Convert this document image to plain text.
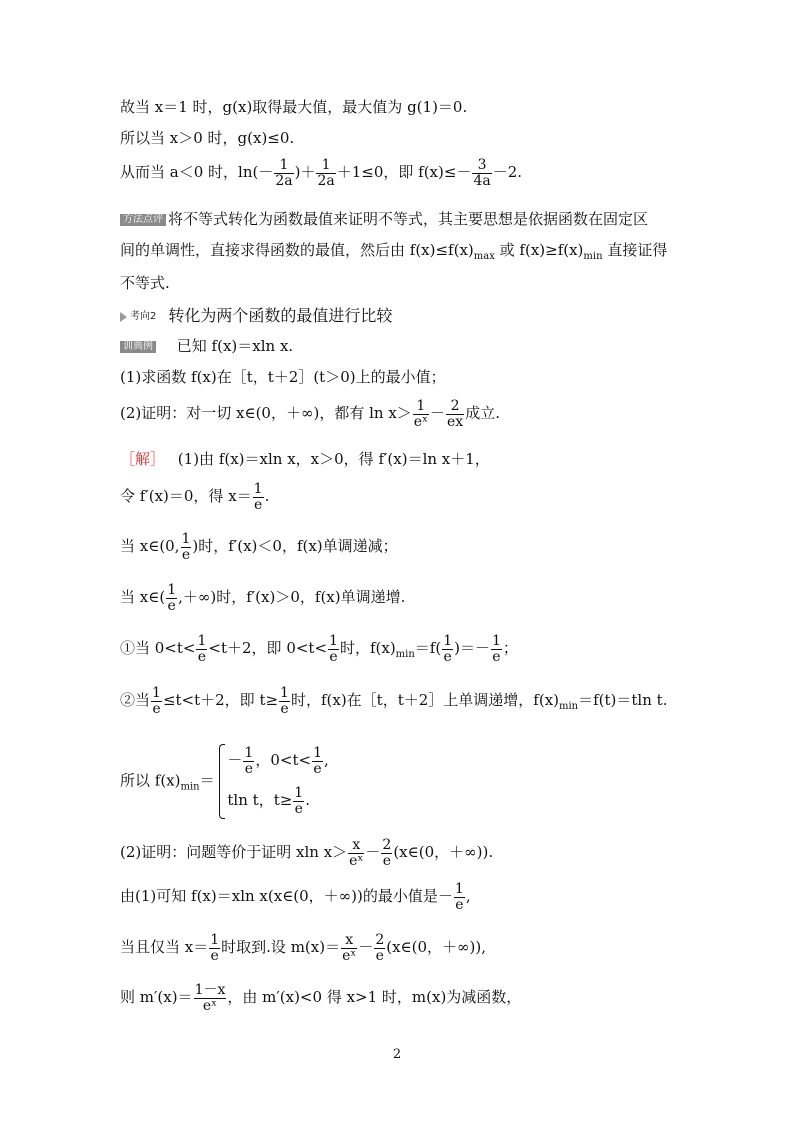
故当 x＝1 时，g(x)取得最大值，最大值为 g(1)＝0.
所以当 x＞0 时，g(x)≤0.
从而当 a＜0 时，$\ln(- \frac{1}{2a}$ )＋ $\frac{1}{2a} +1\le 0$，即 $f(x)\le- \frac{3}{4a} -2$.
方法点评 将不等式转化为函数最值来证明不等式，其主要思想是依据函数在固定区
间的单调性，直接求得函数的最值，然后由 $f(x)\le f(x)_{max}$ 或 $f(x)\ge f(x)_{min}$ 直接证得
不等式.
考向2 转化为两个函数的最值进行比较
训典例 已知 f(x)＝xln x.
(1)求函数 f(x)在［t，t＋2］(t＞0)上的最小值；
(2)证明：对一切 x∈(0，＋∞)，都有 $\ln x> \frac{1}{\text{eˣ}} - \frac{2}{ex}$ 成立.
［解］ (1)由 f(x)＝xln x，x＞0，得 f′(x)＝ln x＋1，
令 f′(x)＝0，得 $x= \frac{1}{e}$ .
当 x∈(0, $\frac{1}{e}$ )时，f′(x)＜0，f(x)单调递减；
当 x∈( $\frac{1}{e}$ ,＋∞)时，f′(x)＞0，f(x)单调递增.
①当 $0<t< \frac{1}{e} <t+2$，即 $0<t< \frac{1}{e}$ 时，$f(x)_{min}=f( \frac{1}{e}$ )＝－ $\frac{1}{e}$ ；
②当 $\frac{1}{e} \le t<t+2$，即 $t\ge \frac{1}{e}$ 时，f(x)在［t，t＋2］上单调递增，$f(x)_{min}=f(t)=tln$ t.
所以 $f(x)_{min}=$
－ $\frac{1}{e}$ ，$0<t< \frac{1}{e}$ ,
tln t，$t\ge \frac{1}{e}$ .
(2)证明：问题等价于证明 xln $x> \frac{x}{\text{eˣ}} - \frac{2}{e}$ (x∈(0，＋∞)).
由(1)可知 f(x)＝xln x(x∈(0，＋∞))的最小值是－ $\frac{1}{e}$ ,
当且仅当 $x= \frac{1}{e}$ 时取到.设 $m(x)= \frac{x}{\text{eˣ}} - \frac{2}{e}$ (x∈(0，＋∞)),
则 $m'(x)= \frac{1-x}{\text{eˣ}}$ ，由 m′(x)<0 得 x>1 时，m(x)为减函数，
2
